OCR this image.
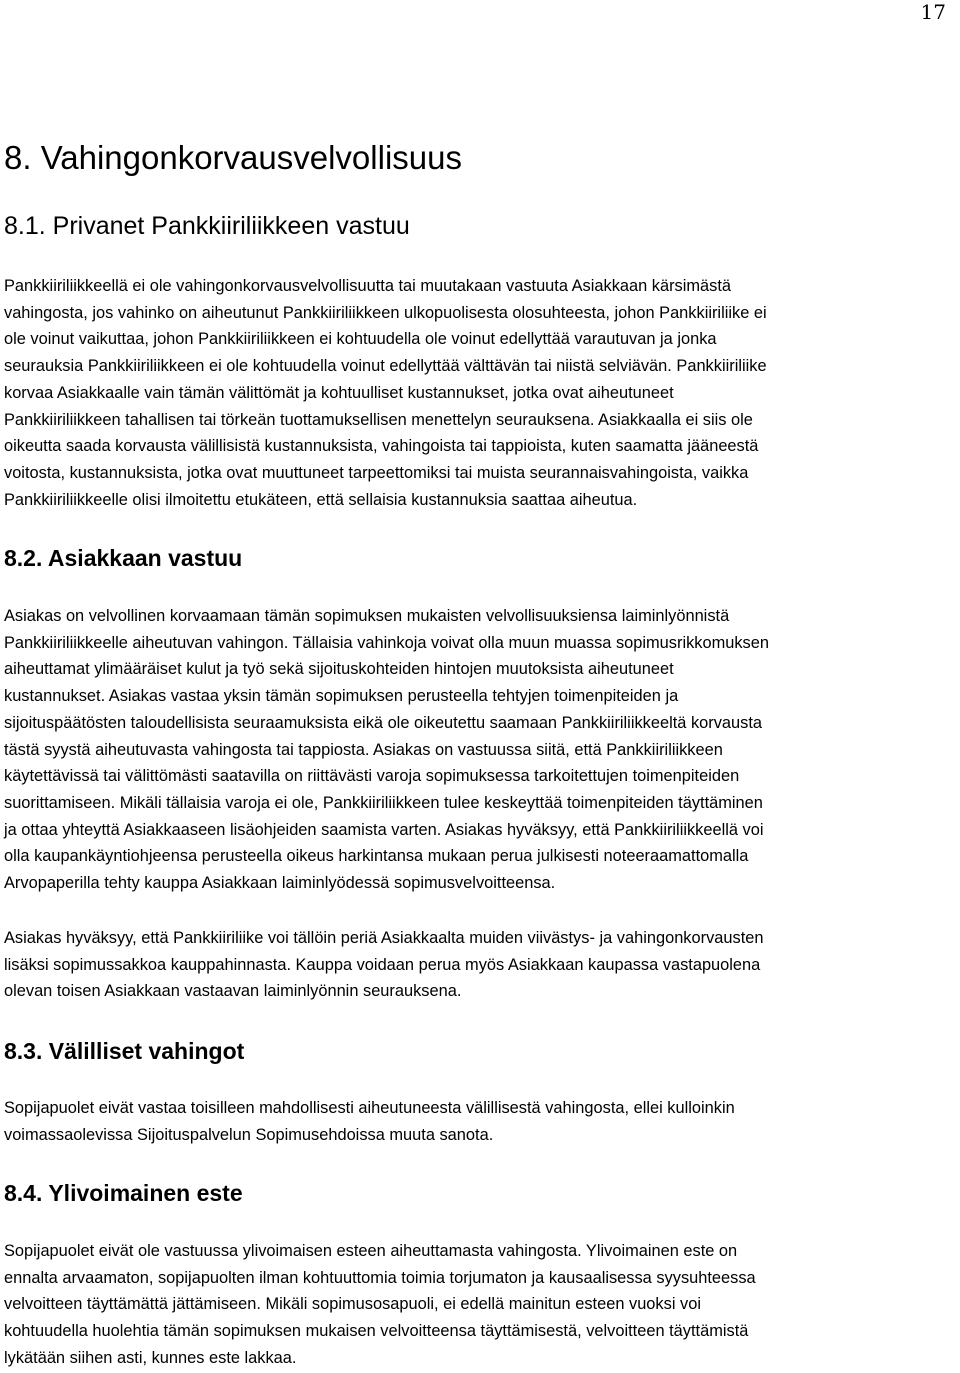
17
8. Vahingonkorvausvelvollisuus
8.1. Privanet Pankkiiriliikkeen vastuu
Pankkiiriliikkeellä ei ole vahingonkorvausvelvollisuutta tai muutakaan vastuuta Asiakkaan kärsimästä
vahingosta, jos vahinko on aiheutunut Pankkiiriliikkeen ulkopuolisesta olosuhteesta, johon Pankkiiriliike ei
ole voinut vaikuttaa, johon Pankkiiriliikkeen ei kohtuudella ole voinut edellyttää varautuvan ja jonka
seurauksia Pankkiiriliikkeen ei ole kohtuudella voinut edellyttää välttävän tai niistä selviävän. Pankkiiriliike
korvaa Asiakkaalle vain tämän välittömät ja kohtuulliset kustannukset, jotka ovat aiheutuneet
Pankkiiriliikkeen tahallisen tai törkeän tuottamuksellisen menettelyn seurauksena. Asiakkaalla ei siis ole
oikeutta saada korvausta välillisistä kustannuksista, vahingoista tai tappioista, kuten saamatta jääneestä
voitosta, kustannuksista, jotka ovat muuttuneet tarpeettomiksi tai muista seurannaisvahingoista, vaikka
Pankkiiriliikkeelle olisi ilmoitettu etukäteen, että sellaisia kustannuksia saattaa aiheutua.
8.2. Asiakkaan vastuu
Asiakas on velvollinen korvaamaan tämän sopimuksen mukaisten velvollisuuksiensa laiminlyönnistä
Pankkiiriliikkeelle aiheutuvan vahingon. Tällaisia vahinkoja voivat olla muun muassa sopimusrikkomuksen
aiheuttamat ylimääräiset kulut ja työ sekä sijoituskohteiden hintojen muutoksista aiheutuneet
kustannukset. Asiakas vastaa yksin tämän sopimuksen perusteella tehtyjen toimenpiteiden ja
sijoituspäätösten taloudellisista seuraamuksista eikä ole oikeutettu saamaan Pankkiiriliikkeeltä korvausta
tästä syystä aiheutuvasta vahingosta tai tappiosta. Asiakas on vastuussa siitä, että Pankkiiriliikkeen
käytettävissä tai välittömästi saatavilla on riittävästi varoja sopimuksessa tarkoitettujen toimenpiteiden
suorittamiseen. Mikäli tällaisia varoja ei ole, Pankkiiriliikkeen tulee keskeyttää toimenpiteiden täyttäminen
ja ottaa yhteyttä Asiakkaaseen lisäohjeiden saamista varten. Asiakas hyväksyy, että Pankkiiriliikkeellä voi
olla kaupankäyntiohjeensa perusteella oikeus harkintansa mukaan perua julkisesti noteeraamattomalla
Arvopaperilla tehty kauppa Asiakkaan laiminlyödessä sopimusvelvoitteensa.
Asiakas hyväksyy, että Pankkiiriliike voi tällöin periä Asiakkaalta muiden viivästys- ja vahingonkorvausten
lisäksi sopimussakkoa kauppahinnasta. Kauppa voidaan perua myös Asiakkaan kaupassa vastapuolena
olevan toisen Asiakkaan vastaavan laiminlyönnin seurauksena.
8.3. Välilliset vahingot
Sopijapuolet eivät vastaa toisilleen mahdollisesti aiheutuneesta välillisestä vahingosta, ellei kulloinkin
voimassaolevissa Sijoituspalvelun Sopimusehdoissa muuta sanota.
8.4. Ylivoimainen este
Sopijapuolet eivät ole vastuussa ylivoimaisen esteen aiheuttamasta vahingosta. Ylivoimainen este on
ennalta arvaamaton, sopijapuolten ilman kohtuuttomia toimia torjumaton ja kausaalisessa syysuhteessa
velvoitteen täyttämättä jättämiseen. Mikäli sopimusosapuoli, ei edellä mainitun esteen vuoksi voi
kohtuudella huolehtia tämän sopimuksen mukaisen velvoitteensa täyttämisestä, velvoitteen täyttämistä
lykätään siihen asti, kunnes este lakkaa.
